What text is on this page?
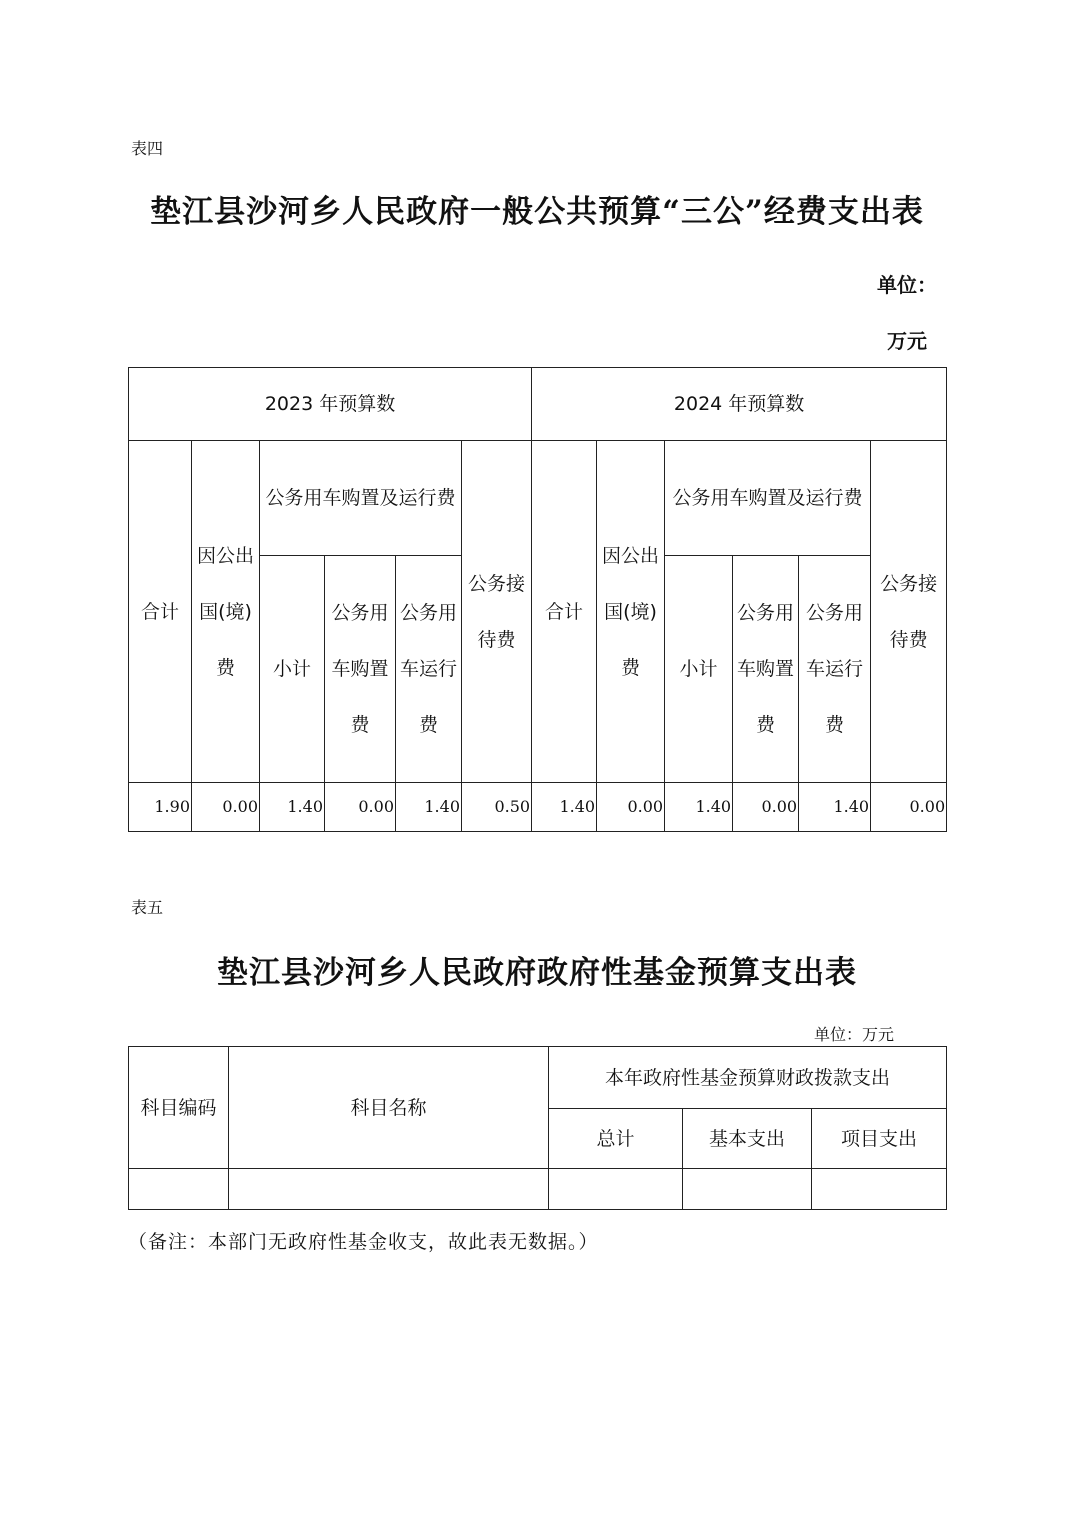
表四
垫江县沙河乡人民政府一般公共预算“三公”经费支出表
单位：
万元
2023 年预算数						2024 年预算数					
合计	因公出国(境)费	公务用车购置及运行费			公务接待费	合计	因公出国(境)费	公务用车购置及运行费			公务接待费

		小计	公务用车购置费	公务用车运行费				小计	公务用车购置费	公务用车运行费	

1.90	0.00	1.40	0.00	1.40	0.50	1.40	0.00	1.40	0.00	1.40	0.00
表五
垫江县沙河乡人民政府政府性基金预算支出表
单位：万元
科目编码	科目名称	本年政府性基金预算财政拨款支出		
		总计	基本支出	项目支出

（备注：本部门无政府性基金收支，故此表无数据。）
